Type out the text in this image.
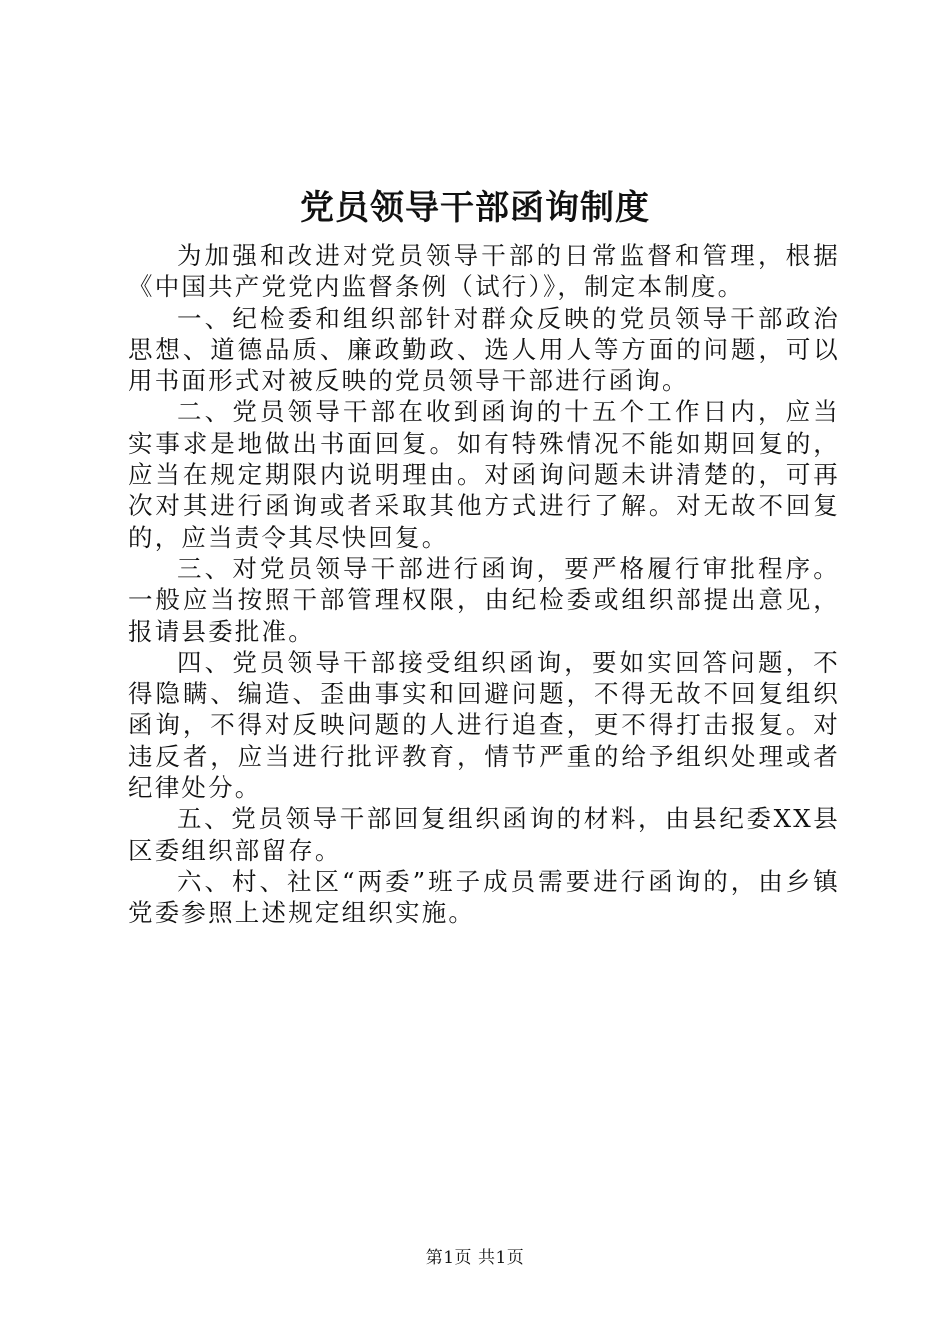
党员领导干部函询制度

为加强和改进对党员领导干部的日常监督和管理，根据《中国共产党党内监督条例（试行）》，制定本制度。

一、纪检委和组织部针对群众反映的党员领导干部政治思想、道德品质、廉政勤政、选人用人等方面的问题，可以用书面形式对被反映的党员领导干部进行函询。

二、党员领导干部在收到函询的十五个工作日内，应当实事求是地做出书面回复。如有特殊情况不能如期回复的，应当在规定期限内说明理由。对函询问题未讲清楚的，可再次对其进行函询或者采取其他方式进行了解。对无故不回复的，应当责令其尽快回复。

三、对党员领导干部进行函询，要严格履行审批程序。一般应当按照干部管理权限，由纪检委或组织部提出意见，报请县委批准。

四、党员领导干部接受组织函询，要如实回答问题，不得隐瞒、编造、歪曲事实和回避问题，不得无故不回复组织函询，不得对反映问题的人进行追查，更不得打击报复。对违反者，应当进行批评教育，情节严重的给予组织处理或者纪律处分。

五、党员领导干部回复组织函询的材料，由县纪委XX县区委组织部留存。

六、村、社区“两委”班子成员需要进行函询的，由乡镇党委参照上述规定组织实施。

第1页 共1页
